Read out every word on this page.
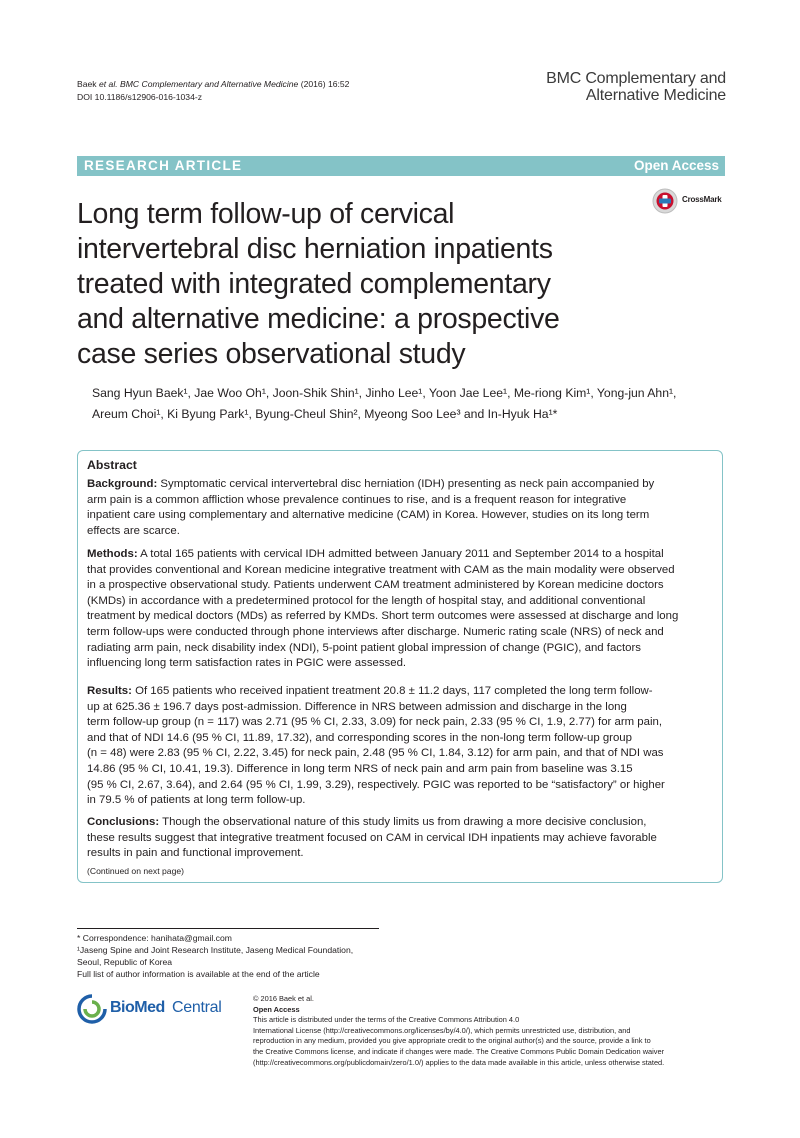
Baek et al. BMC Complementary and Alternative Medicine (2016) 16:52
DOI 10.1186/s12906-016-1034-z
BMC Complementary and
Alternative Medicine
RESEARCH ARTICLE	Open Access
CrossMark
Long term follow-up of cervical
intervertebral disc herniation inpatients
treated with integrated complementary
and alternative medicine: a prospective
case series observational study
Sang Hyun Baek¹, Jae Woo Oh¹, Joon-Shik Shin¹, Jinho Lee¹, Yoon Jae Lee¹, Me-riong Kim¹, Yong-jun Ahn¹,
Areum Choi¹, Ki Byung Park¹, Byung-Cheul Shin², Myeong Soo Lee³ and In-Hyuk Ha¹*
Abstract
Background: Symptomatic cervical intervertebral disc herniation (IDH) presenting as neck pain accompanied by
arm pain is a common affliction whose prevalence continues to rise, and is a frequent reason for integrative
inpatient care using complementary and alternative medicine (CAM) in Korea. However, studies on its long term
effects are scarce.
Methods: A total 165 patients with cervical IDH admitted between January 2011 and September 2014 to a hospital
that provides conventional and Korean medicine integrative treatment with CAM as the main modality were observed
in a prospective observational study. Patients underwent CAM treatment administered by Korean medicine doctors
(KMDs) in accordance with a predetermined protocol for the length of hospital stay, and additional conventional
treatment by medical doctors (MDs) as referred by KMDs. Short term outcomes were assessed at discharge and long
term follow-ups were conducted through phone interviews after discharge. Numeric rating scale (NRS) of neck and
radiating arm pain, neck disability index (NDI), 5-point patient global impression of change (PGIC), and factors
influencing long term satisfaction rates in PGIC were assessed.
Results: Of 165 patients who received inpatient treatment 20.8 ± 11.2 days, 117 completed the long term follow-
up at 625.36 ± 196.7 days post-admission. Difference in NRS between admission and discharge in the long
term follow-up group (n = 117) was 2.71 (95 % CI, 2.33, 3.09) for neck pain, 2.33 (95 % CI, 1.9, 2.77) for arm pain,
and that of NDI 14.6 (95 % CI, 11.89, 17.32), and corresponding scores in the non-long term follow-up group
(n = 48) were 2.83 (95 % CI, 2.22, 3.45) for neck pain, 2.48 (95 % CI, 1.84, 3.12) for arm pain, and that of NDI was
14.86 (95 % CI, 10.41, 19.3). Difference in long term NRS of neck pain and arm pain from baseline was 3.15
(95 % CI, 2.67, 3.64), and 2.64 (95 % CI, 1.99, 3.29), respectively. PGIC was reported to be “satisfactory” or higher
in 79.5 % of patients at long term follow-up.
Conclusions: Though the observational nature of this study limits us from drawing a more decisive conclusion,
these results suggest that integrative treatment focused on CAM in cervical IDH inpatients may achieve favorable
results in pain and functional improvement.
(Continued on next page)
* Correspondence: hanihata@gmail.com
¹Jaseng Spine and Joint Research Institute, Jaseng Medical Foundation,
Seoul, Republic of Korea
Full list of author information is available at the end of the article
BioMed Central
© 2016 Baek et al.
Open Access
This article is distributed under the terms of the Creative Commons Attribution 4.0
International License (http://creativecommons.org/licenses/by/4.0/), which permits unrestricted use, distribution, and
reproduction in any medium, provided you give appropriate credit to the original author(s) and the source, provide a link to
the Creative Commons license, and indicate if changes were made. The Creative Commons Public Domain Dedication waiver
(http://creativecommons.org/publicdomain/zero/1.0/) applies to the data made available in this article, unless otherwise stated.
